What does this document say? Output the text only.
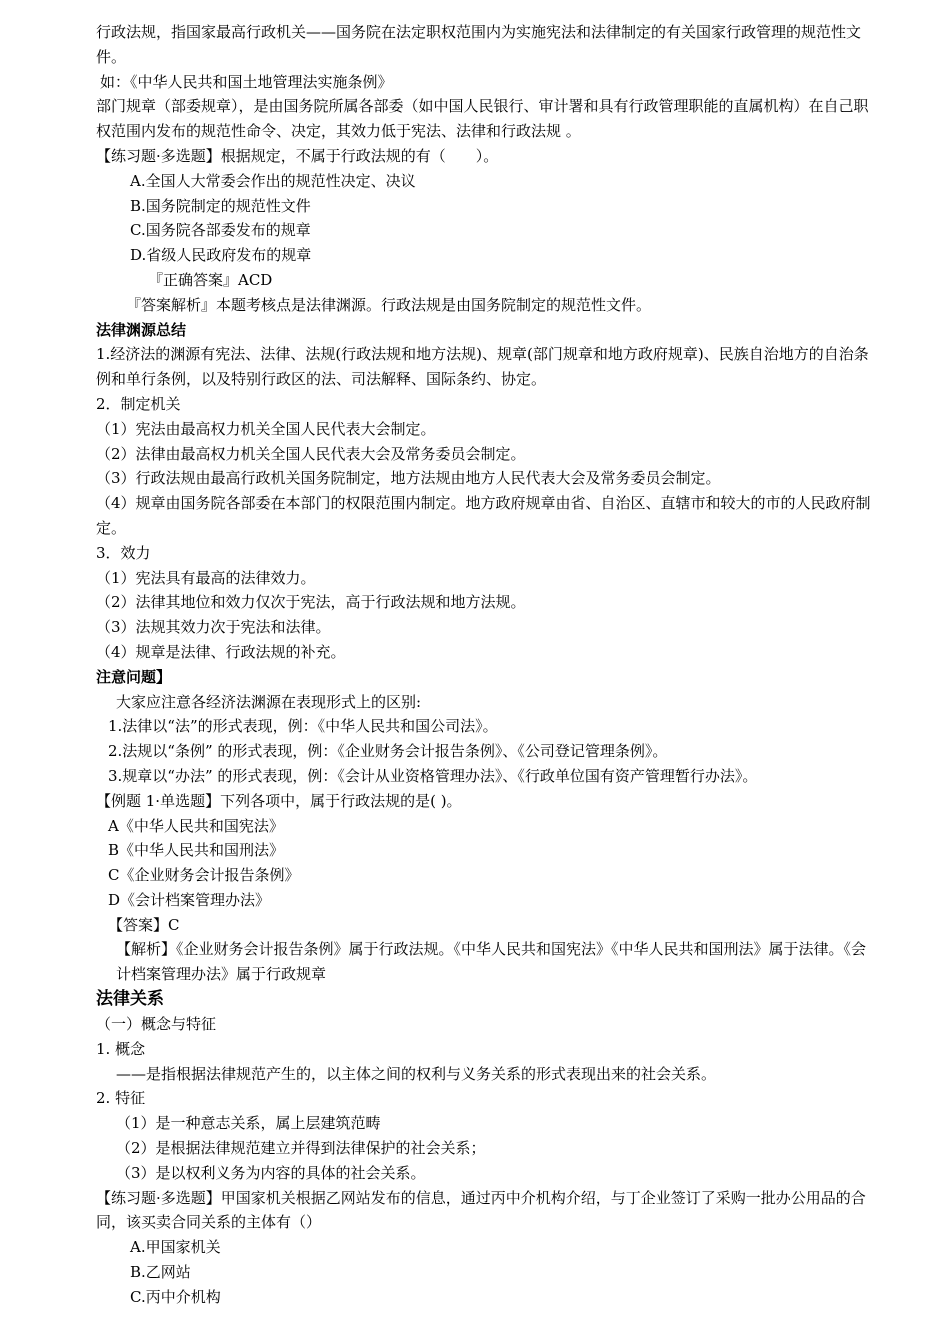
行政法规，指国家最高行政机关——国务院在法定职权范围内为实施宪法和法律制定的有关国家行政管理的规范性文件。
如：《中华人民共和国土地管理法实施条例》
部门规章（部委规章），是由国务院所属各部委（如中国人民银行、审计署和具有行政管理职能的直属机构）在自己职权范围内发布的规范性命令、决定，其效力低于宪法、法律和行政法规 。
【练习题·多选题】根据规定，不属于行政法规的有（　　）。
A.全国人大常委会作出的规范性决定、决议
B.国务院制定的规范性文件
C.国务院各部委发布的规章
D.省级人民政府发布的规章
『正确答案』ACD
『答案解析』本题考核点是法律渊源。行政法规是由国务院制定的规范性文件。
法律渊源总结
1.经济法的渊源有宪法、法律、法规(行政法规和地方法规)、规章(部门规章和地方政府规章)、民族自治地方的自治条例和单行条例，以及特别行政区的法、司法解释、国际条约、协定。
2．制定机关
（1）宪法由最高权力机关全国人民代表大会制定。
（2）法律由最高权力机关全国人民代表大会及常务委员会制定。
（3）行政法规由最高行政机关国务院制定，地方法规由地方人民代表大会及常务委员会制定。
（4）规章由国务院各部委在本部门的权限范围内制定。地方政府规章由省、自治区、直辖市和较大的市的人民政府制定。
3．效力
（1）宪法具有最高的法律效力。
（2）法律其地位和效力仅次于宪法，高于行政法规和地方法规。
（3）法规其效力次于宪法和法律。
（4）规章是法律、行政法规的补充。
注意问题】
大家应注意各经济法渊源在表现形式上的区别:
1.法律以“法”的形式表现，例：《中华人民共和国公司法》。
2.法规以“条例” 的形式表现，例：《企业财务会计报告条例》、《公司登记管理条例》。
3.规章以“办法” 的形式表现，例：《会计从业资格管理办法》、《行政单位国有资产管理暂行办法》。
【例题 1·单选题】下列各项中，属于行政法规的是( )。
A《中华人民共和国宪法》
B《中华人民共和国刑法》
C《企业财务会计报告条例》
D《会计档案管理办法》
【答案】C
【解析】《企业财务会计报告条例》属于行政法规。《中华人民共和国宪法》《中华人民共和国刑法》属于法律。《会计档案管理办法》属于行政规章
法律关系
（一）概念与特征
1. 概念
——是指根据法律规范产生的，以主体之间的权利与义务关系的形式表现出来的社会关系。
2. 特征
（1）是一种意志关系，属上层建筑范畴
（2）是根据法律规范建立并得到法律保护的社会关系；
（3）是以权利义务为内容的具体的社会关系。
【练习题·多选题】甲国家机关根据乙网站发布的信息，通过丙中介机构介绍，与丁企业签订了采购一批办公用品的合同，该买卖合同关系的主体有（）
A.甲国家机关
B.乙网站
C.丙中介机构
